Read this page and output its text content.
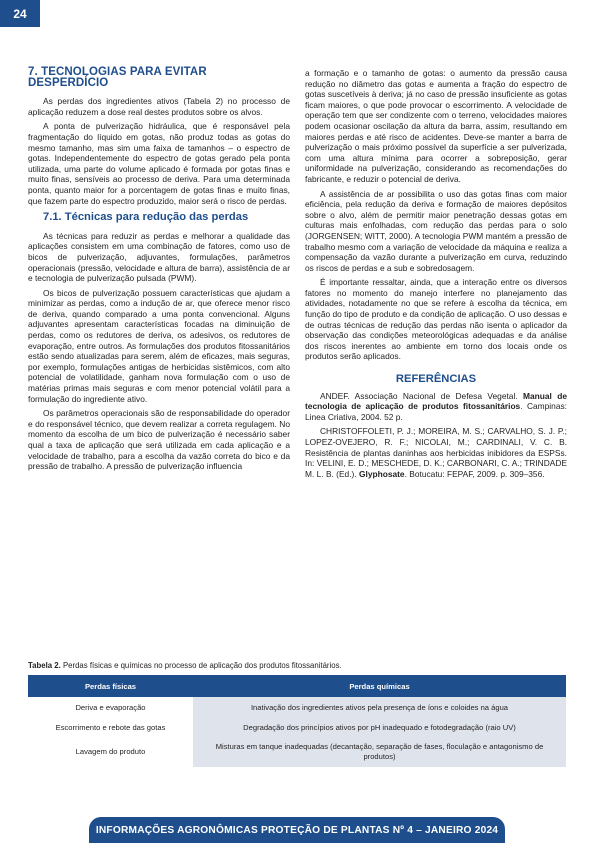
24
7. TECNOLOGIAS PARA EVITAR DESPERDÍCIO

As perdas dos ingredientes ativos (Tabela 2) no processo de aplicação reduzem a dose real destes produtos sobre os alvos.

A ponta de pulverização hidráulica, que é responsável pela fragmentação do líquido em gotas, não produz todas as gotas do mesmo tamanho, mas sim uma faixa de tamanhos – o espectro de gotas. Independentemente do espectro de gotas gerado pela ponta utilizada, uma parte do volume aplicado é formada por gotas finas e muito finas, sensíveis ao processo de deriva. Para uma determinada ponta, quanto maior for a porcentagem de gotas finas e muito finas, que fazem parte do espectro produzido, maior será o risco de perdas.

7.1. Técnicas para redução das perdas

As técnicas para reduzir as perdas e melhorar a qualidade das aplicações consistem em uma combinação de fatores, como uso de bicos de pulverização, adjuvantes, formulações, parâmetros operacionais (pressão, velocidade e altura de barra), assistência de ar e tecnologia de pulverização pulsada (PWM).

Os bicos de pulverização possuem características que ajudam a minimizar as perdas, como a indução de ar, que oferece menor risco de deriva, quando comparado a uma ponta convencional. Alguns adjuvantes apresentam características focadas na diminuição de perdas, como os redutores de deriva, os adesivos, os redutores de evaporação, entre outros. As formulações dos produtos fitossanitários estão sendo atualizadas para serem, além de eficazes, mais seguras, por exemplo, formulações antigas de herbicidas sistêmicos, com alto potencial de volatilidade, ganham nova formulação com o uso de matérias primas mais seguras e com menor potencial volátil para a formulação do ingrediente ativo.

Os parâmetros operacionais são de responsabilidade do operador e do responsável técnico, que devem realizar a correta regulagem. No momento da escolha de um bico de pulverização é necessário saber qual a taxa de aplicação que será utilizada em cada aplicação e a velocidade de trabalho, para a escolha da vazão correta do bico e da pressão de trabalho. A pressão de pulverização influencia

a formação e o tamanho de gotas: o aumento da pressão causa redução no diâmetro das gotas e aumenta a fração do espectro de gotas suscetíveis à deriva; já no caso de pressão insuficiente as gotas ficam maiores, o que pode provocar o escorrimento. A velocidade de operação tem que ser condizente com o terreno, velocidades maiores podem ocasionar oscilação da altura da barra, assim, resultando em maiores perdas e até risco de acidentes. Deve-se manter a barra de pulverização o mais próximo possível da superfície a ser pulverizada, com uma altura mínima para ocorrer a sobreposição, gerar uniformidade na pulverização, considerando as recomendações do fabricante, e reduzir o potencial de deriva.

A assistência de ar possibilita o uso das gotas finas com maior eficiência, pela redução da deriva e formação de maiores depósitos sobre o alvo, além de permitir maior penetração dessas gotas em culturas mais enfolhadas, com redução das perdas para o solo (JORGENSEN; WITT, 2000). A tecnologia PWM mantém a pressão de trabalho mesmo com a variação de velocidade da máquina e realiza a compensação da vazão durante a pulverização em curva, reduzindo os riscos de perdas e a sub e sobredosagem.

É importante ressaltar, ainda, que a interação entre os diversos fatores no momento do manejo interfere no planejamento das atividades, notadamente no que se refere à escolha da técnica, em função do tipo de produto e da condição de aplicação. O uso dessas e de outras técnicas de redução das perdas não isenta o aplicador da observação das condições meteorológicas adequadas e da análise dos riscos inerentes ao ambiente em torno dos locais onde os produtos serão aplicados.

REFERÊNCIAS

ANDEF. Associação Nacional de Defesa Vegetal. Manual de tecnologia de aplicação de produtos fitossanitários. Campinas: Linea Criativa, 2004. 52 p.

CHRISTOFFOLETI, P. J.; MOREIRA, M. S.; CARVALHO, S. J. P.; LOPEZ-OVEJERO, R. F.; NICOLAI, M.; CARDINALI, V. C. B. Resistência de plantas daninhas aos herbicidas inibidores da ESPSs. In: VELINI, E. D.; MESCHEDE, D. K.; CARBONARI, C. A.; TRINDADE M. L. B. (Ed.). Glyphosate. Botucatu: FEPAF, 2009. p. 309–356.

Tabela 2. Perdas físicas e químicas no processo de aplicação dos produtos fitossanitários.
Perdas físicas	Perdas químicas
Deriva e evaporação	Inativação dos ingredientes ativos pela presença de íons e coloides na água
Escorrimento e rebote das gotas	Degradação dos princípios ativos por pH inadequado e fotodegradação (raio UV)
Lavagem do produto	Misturas em tanque inadequadas (decantação, separação de fases, floculação e antagonismo de produtos)
INFORMAÇÕES AGRONÔMICAS PROTEÇÃO DE PLANTAS Nº 4 – JANEIRO 2024
